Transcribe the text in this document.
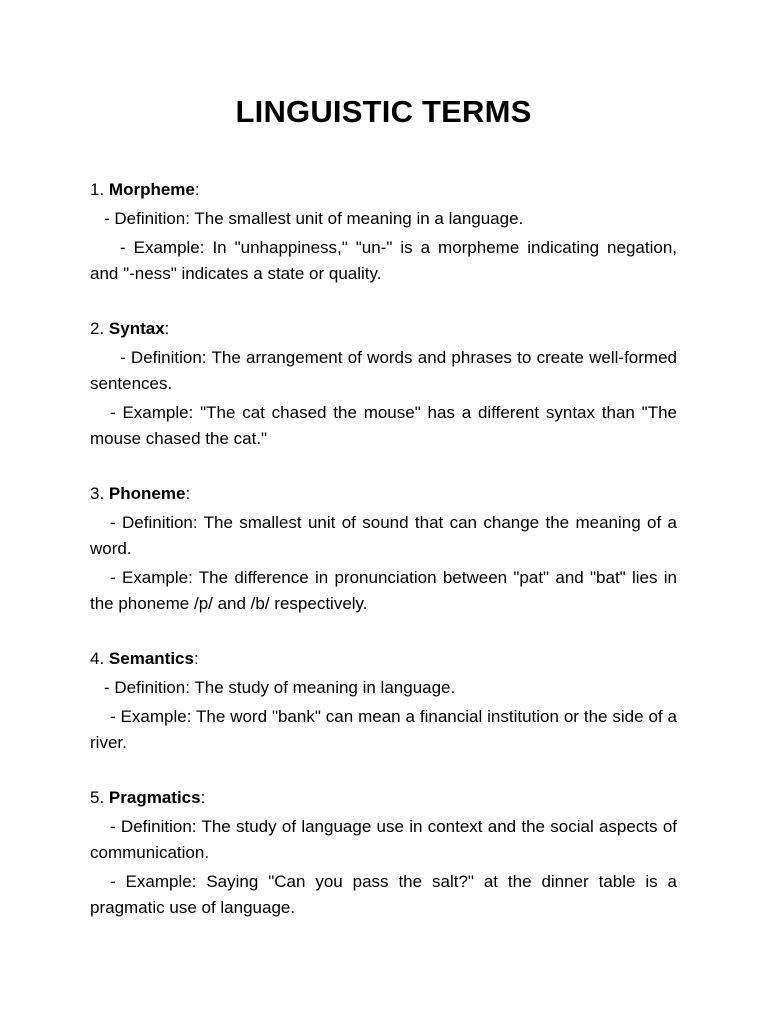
LINGUISTIC TERMS
1. Morpheme:
- Definition: The smallest unit of meaning in a language.
- Example: In "unhappiness," "un-" is a morpheme indicating negation, and "-ness" indicates a state or quality.
2. Syntax:
- Definition: The arrangement of words and phrases to create well-formed sentences.
- Example: "The cat chased the mouse" has a different syntax than "The mouse chased the cat."
3. Phoneme:
- Definition: The smallest unit of sound that can change the meaning of a word.
- Example: The difference in pronunciation between "pat" and "bat" lies in the phoneme /p/ and /b/ respectively.
4. Semantics:
- Definition: The study of meaning in language.
- Example: The word "bank" can mean a financial institution or the side of a river.
5. Pragmatics:
- Definition: The study of language use in context and the social aspects of communication.
- Example: Saying "Can you pass the salt?" at the dinner table is a pragmatic use of language.
